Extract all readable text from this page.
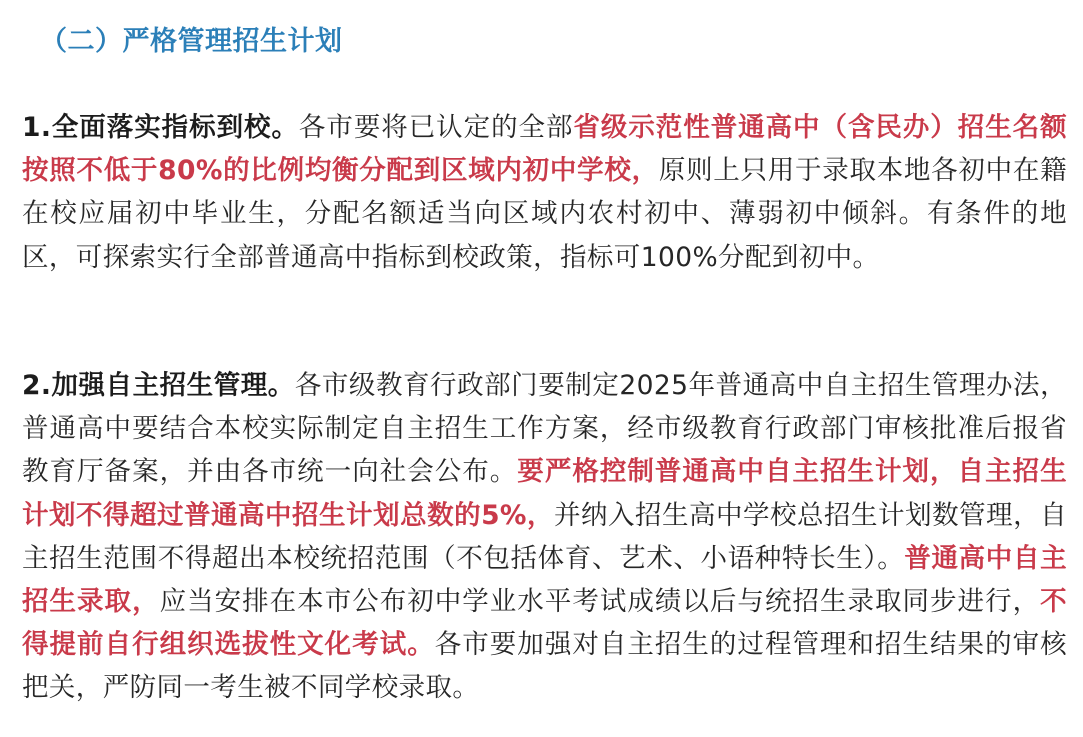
（二）严格管理招生计划

1.全面落实指标到校。各市要将已认定的全部省级示范性普通高中（含民办）招生名额按照不低于80%的比例均衡分配到区域内初中学校，原则上只用于录取本地各初中在籍在校应届初中毕业生，分配名额适当向区域内农村初中、薄弱初中倾斜。有条件的地区，可探索实行全部普通高中指标到校政策，指标可100%分配到初中。

2.加强自主招生管理。各市级教育行政部门要制定2025年普通高中自主招生管理办法，普通高中要结合本校实际制定自主招生工作方案，经市级教育行政部门审核批准后报省教育厅备案，并由各市统一向社会公布。要严格控制普通高中自主招生计划，自主招生计划不得超过普通高中招生计划总数的5%，并纳入招生高中学校总招生计划数管理，自主招生范围不得超出本校统招范围（不包括体育、艺术、小语种特长生）。普通高中自主招生录取，应当安排在本市公布初中学业水平考试成绩以后与统招生录取同步进行，不得提前自行组织选拔性文化考试。各市要加强对自主招生的过程管理和招生结果的审核把关，严防同一考生被不同学校录取。
